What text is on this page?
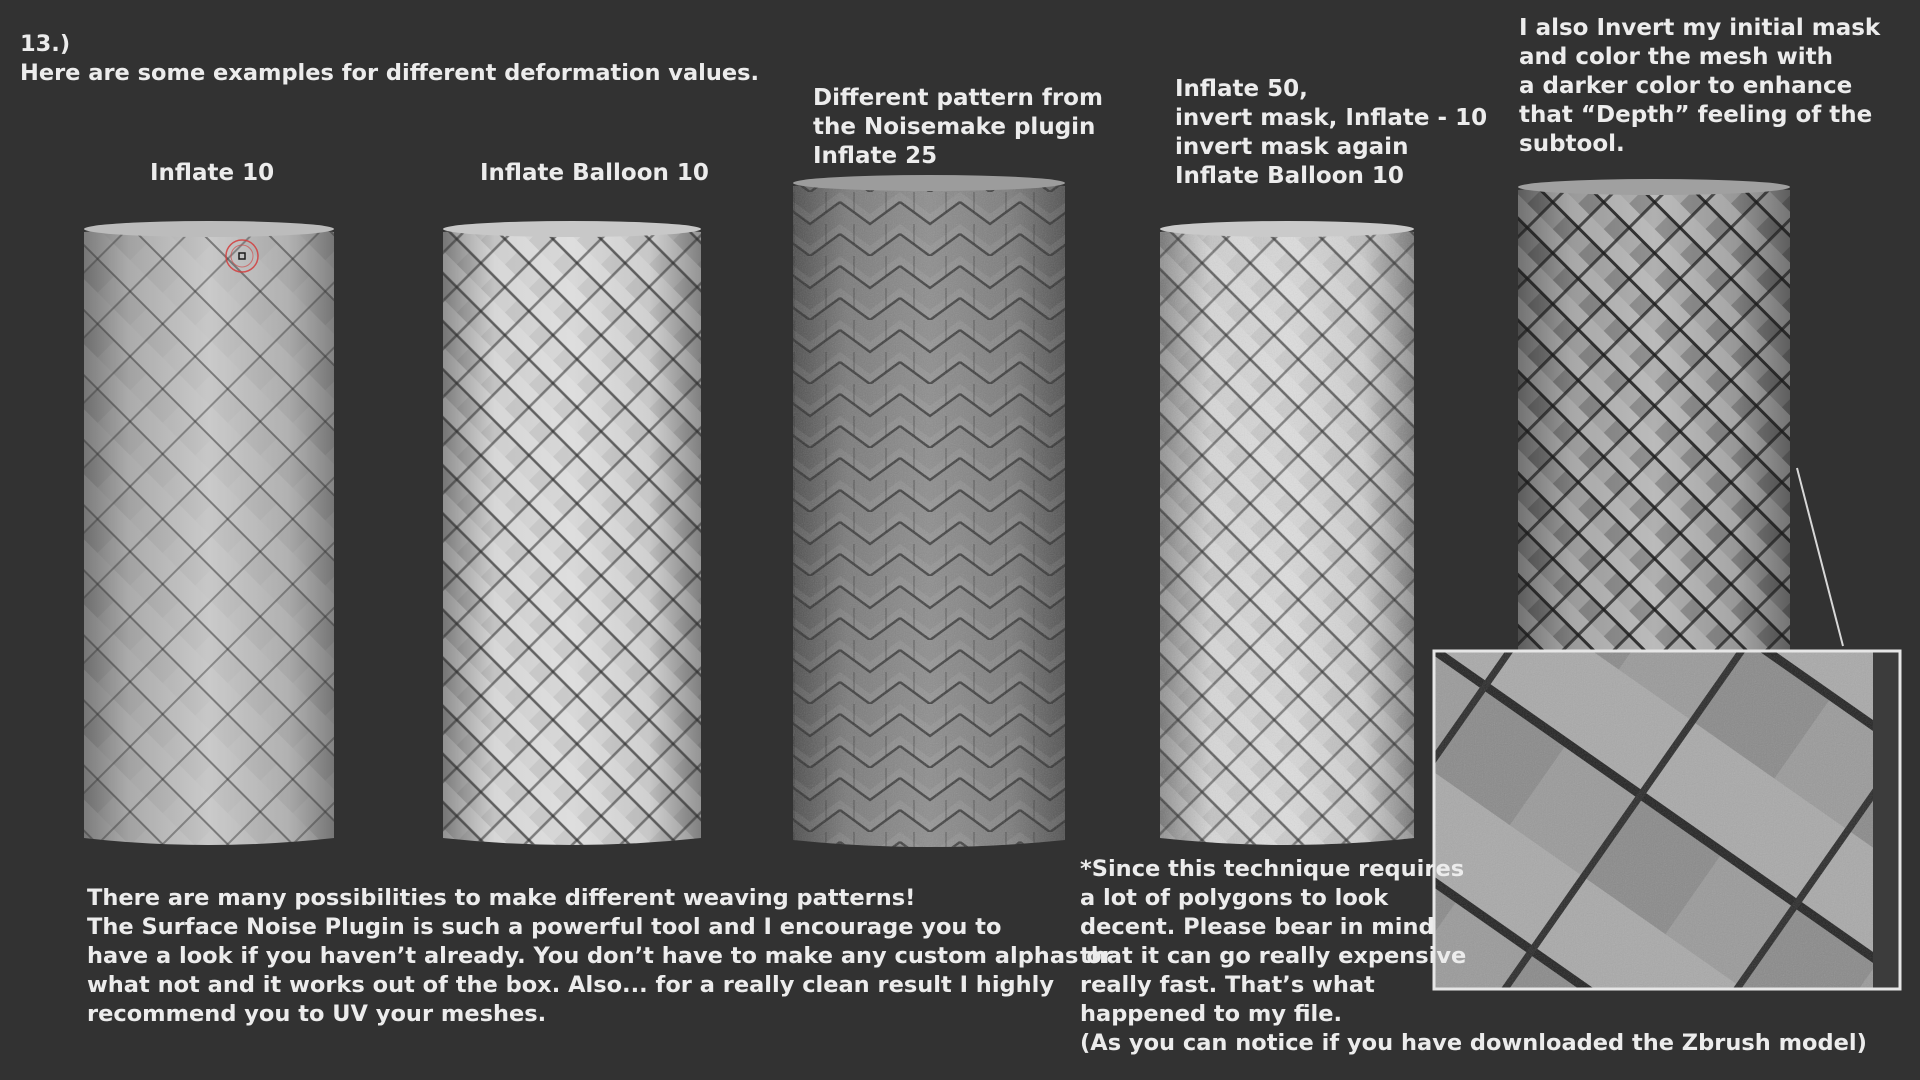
13.)

Here are some examples for different deformation values.

Inflate 10	Inflate Balloon 10

Different pattern from
the Noisemake plugin
Inflate 25

Inflate 50,
invert mask, Inflate - 10
invert mask again
Inflate Balloon 10

I also Invert my initial mask
and color the mesh with
a darker color to enhance
that “Depth” feeling of the
subtool.

There are many possibilities to make different weaving patterns!
The Surface Noise Plugin is such a powerful tool and I encourage you to
have a look if you haven’t already. You don’t have to make any custom alphas or
what not and it works out of the box. Also... for a really clean result I highly
recommend you to UV your meshes.

*Since this technique requires
a lot of polygons to look
decent. Please bear in mind
that it can go really expensive
really fast. That’s what
happened to my file.
(As you can notice if you have downloaded the Zbrush model)
